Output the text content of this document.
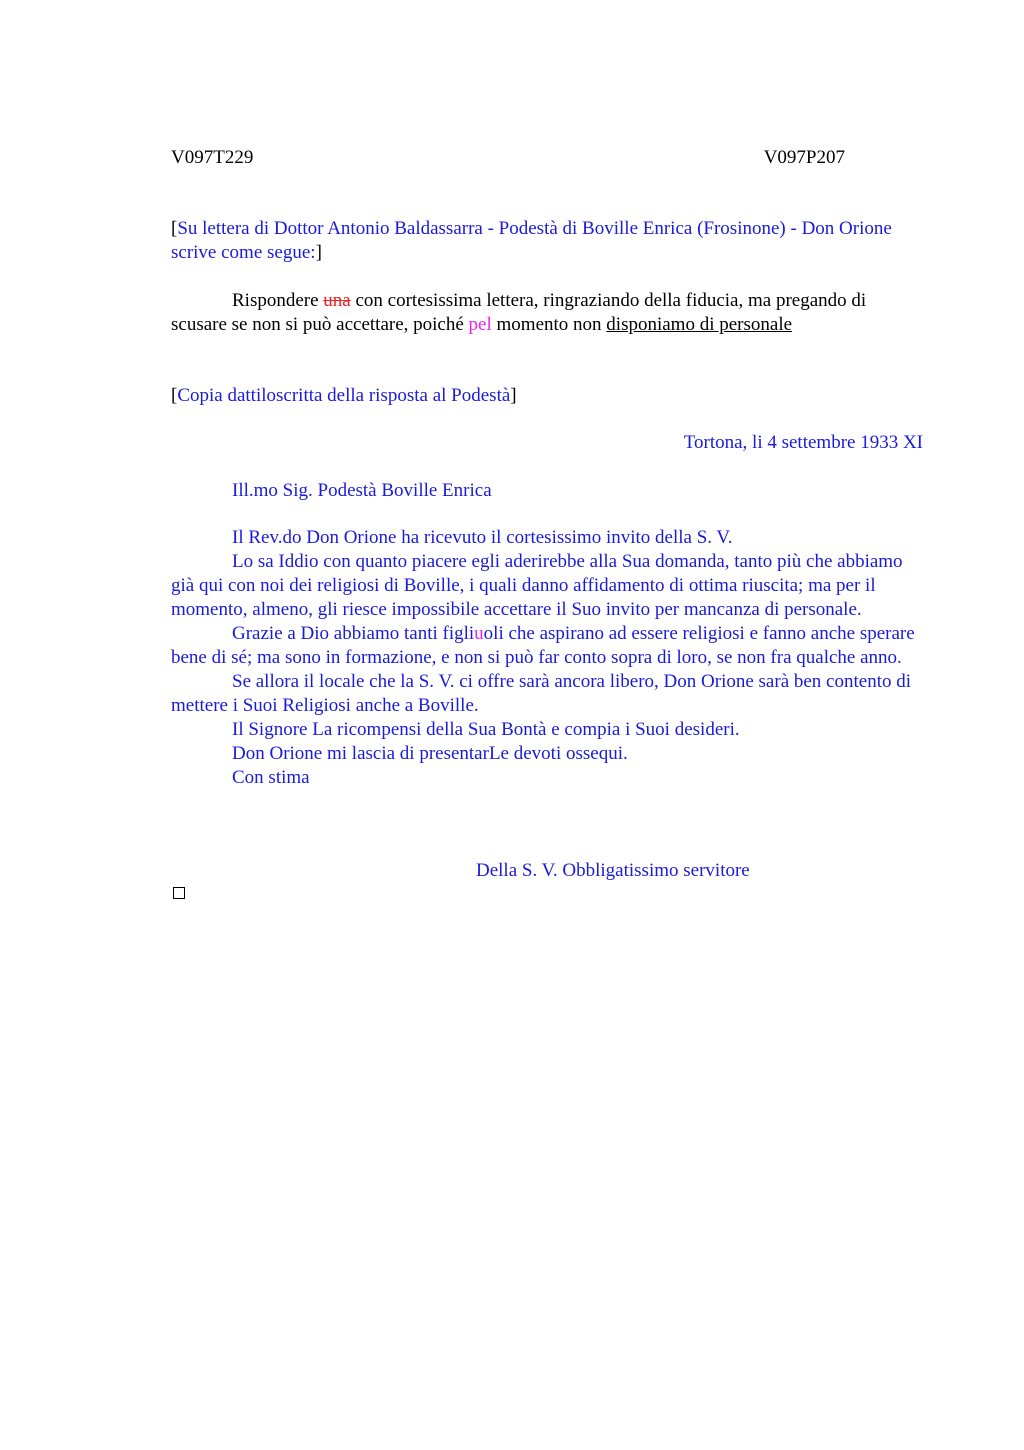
V097T229	V097P207

[Su lettera di Dottor Antonio Baldassarra - Podestà di Boville Enrica (Frosinone) - Don Orione scrive come segue:]

Rispondere una con cortesissima lettera, ringraziando della fiducia, ma pregando di scusare se non si può accettare, poiché pel momento non disponiamo di personale

[Copia dattiloscritta della risposta al Podestà]

Tortona, li 4 settembre 1933 XI

Ill.mo Sig. Podestà Boville Enrica

Il Rev.do Don Orione ha ricevuto il cortesissimo invito della S. V.

Lo sa Iddio con quanto piacere egli aderirebbe alla Sua domanda, tanto più che abbiamo già qui con noi dei religiosi di Boville, i quali danno affidamento di ottima riuscita; ma per il momento, almeno, gli riesce impossibile accettare il Suo invito per mancanza di personale.

Grazie a Dio abbiamo tanti figliuoli che aspirano ad essere religiosi e fanno anche sperare bene di sé; ma sono in formazione, e non si può far conto sopra di loro, se non fra qualche anno.

Se allora il locale che la S. V. ci offre sarà ancora libero, Don Orione sarà ben contento di mettere i Suoi Religiosi anche a Boville.

Il Signore La ricompensi della Sua Bontà e compia i Suoi desideri.

Don Orione mi lascia di presentarLe devoti ossequi.

Con stima

Della S. V. Obbligatissimo servitore
